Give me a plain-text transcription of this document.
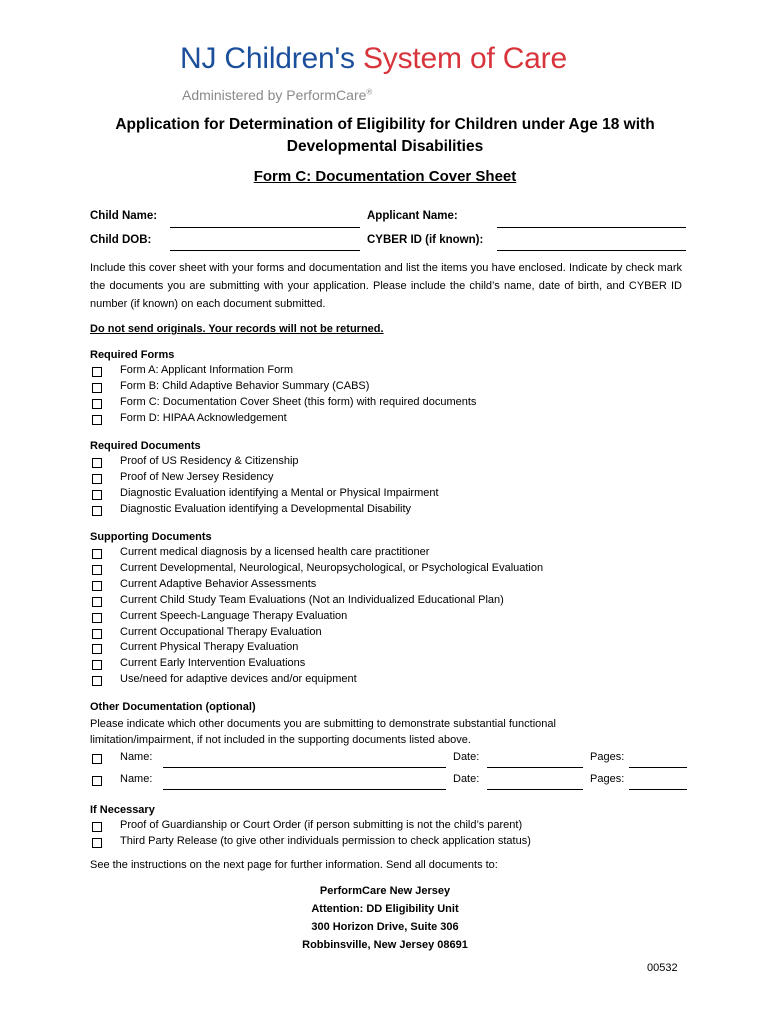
NJ Children's System of Care
Administered by PerformCare®
Application for Determination of Eligibility for Children under Age 18 with
Developmental Disabilities
Form C: Documentation Cover Sheet
Child Name:	Applicant Name:
Child DOB:	CYBER ID (if known):
Include this cover sheet with your forms and documentation and list the items you have enclosed. Indicate by check mark the documents you are submitting with your application. Please include the child’s name, date of birth, and CYBER ID number (if known) on each document submitted.
Do not send originals. Your records will not be returned.
Required Forms
Form A: Applicant Information Form
Form B: Child Adaptive Behavior Summary (CABS)
Form C: Documentation Cover Sheet (this form) with required documents
Form D: HIPAA Acknowledgement
Required Documents
Proof of US Residency & Citizenship
Proof of New Jersey Residency
Diagnostic Evaluation identifying a Mental or Physical Impairment
Diagnostic Evaluation identifying a Developmental Disability
Supporting Documents
Current medical diagnosis by a licensed health care practitioner
Current Developmental, Neurological, Neuropsychological, or Psychological Evaluation
Current Adaptive Behavior Assessments
Current Child Study Team Evaluations (Not an Individualized Educational Plan)
Current Speech-Language Therapy Evaluation
Current Occupational Therapy Evaluation
Current Physical Therapy Evaluation
Current Early Intervention Evaluations
Use/need for adaptive devices and/or equipment
Other Documentation (optional)
Please indicate which other documents you are submitting to demonstrate substantial functional
limitation/impairment, if not included in the supporting documents listed above.
Name:	Date:	Pages:
Name:	Date:	Pages:
If Necessary
Proof of Guardianship or Court Order (if person submitting is not the child’s parent)
Third Party Release (to give other individuals permission to check application status)
See the instructions on the next page for further information. Send all documents to:
PerformCare New Jersey
Attention: DD Eligibility Unit
300 Horizon Drive, Suite 306
Robbinsville, New Jersey 08691
00532
